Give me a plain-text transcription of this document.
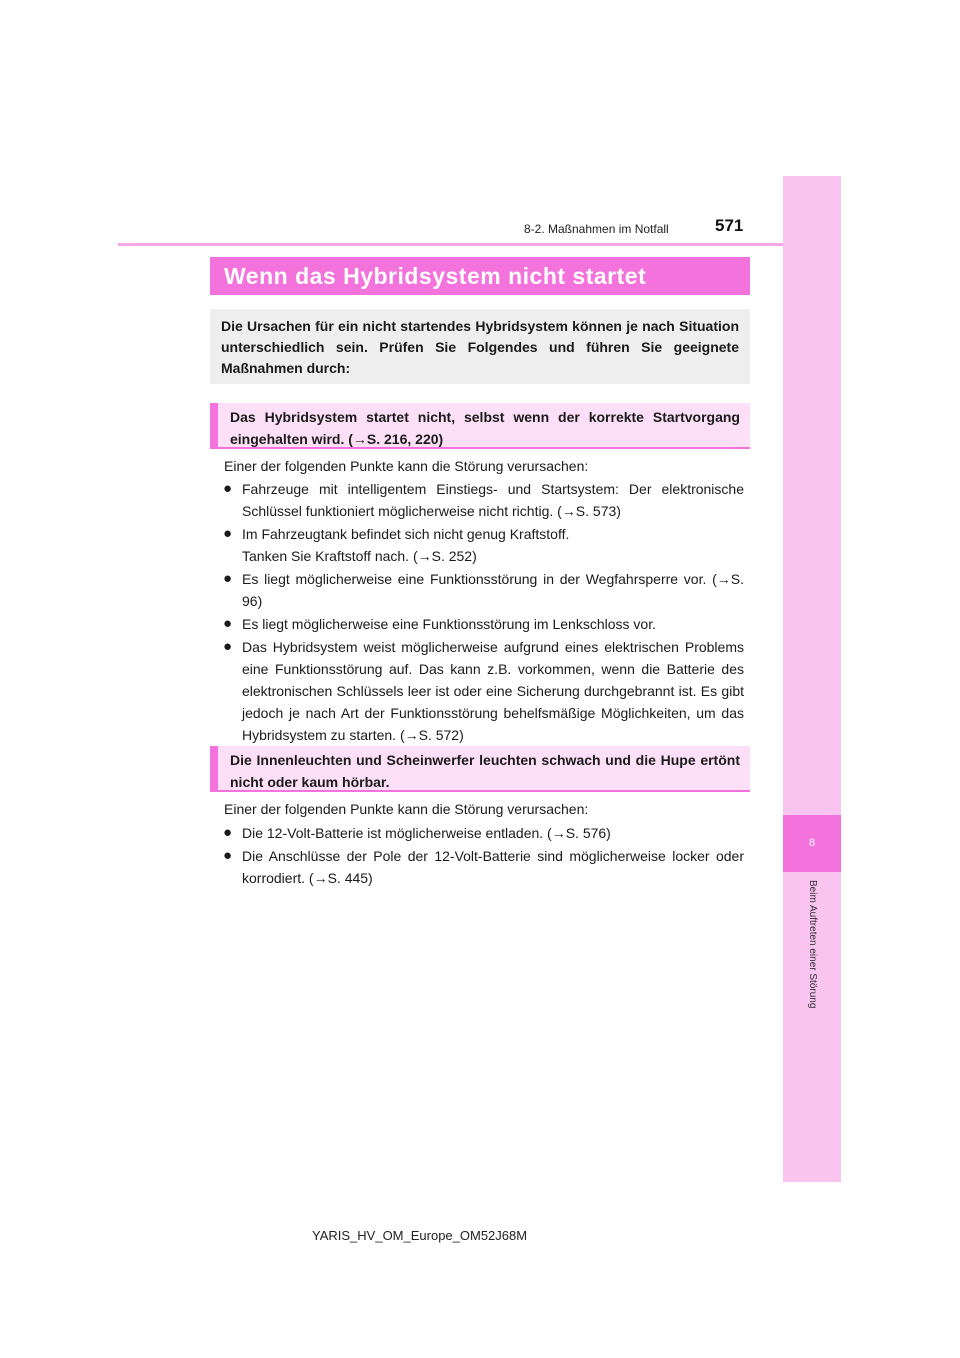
8
Beim Auftreten einer Störung
8-2. Maßnahmen im Notfall	571
Wenn das Hybridsystem nicht startet
Die Ursachen für ein nicht startendes Hybridsystem können je nach Situation unterschiedlich sein. Prüfen Sie Folgendes und führen Sie geeignete Maßnahmen durch:
Das Hybridsystem startet nicht, selbst wenn der korrekte Startvorgang eingehalten wird. (→S. 216, 220)
Einer der folgenden Punkte kann die Störung verursachen:
● Fahrzeuge mit intelligentem Einstiegs- und Startsystem: Der elektronische Schlüssel funktioniert möglicherweise nicht richtig. (→S. 573)
● Im Fahrzeugtank befindet sich nicht genug Kraftstoff.
Tanken Sie Kraftstoff nach. (→S. 252)
● Es liegt möglicherweise eine Funktionsstörung in der Wegfahrsperre vor. (→S. 96)
● Es liegt möglicherweise eine Funktionsstörung im Lenkschloss vor.
● Das Hybridsystem weist möglicherweise aufgrund eines elektrischen Problems eine Funktionsstörung auf. Das kann z.B. vorkommen, wenn die Batterie des elektronischen Schlüssels leer ist oder eine Sicherung durchgebrannt ist. Es gibt jedoch je nach Art der Funktionsstörung behelfsmäßige Möglichkeiten, um das Hybridsystem zu starten. (→S. 572)
Die Innenleuchten und Scheinwerfer leuchten schwach und die Hupe ertönt nicht oder kaum hörbar.
Einer der folgenden Punkte kann die Störung verursachen:
● Die 12-Volt-Batterie ist möglicherweise entladen. (→S. 576)
● Die Anschlüsse der Pole der 12-Volt-Batterie sind möglicherweise locker oder korrodiert. (→S. 445)
YARIS_HV_OM_Europe_OM52J68M
